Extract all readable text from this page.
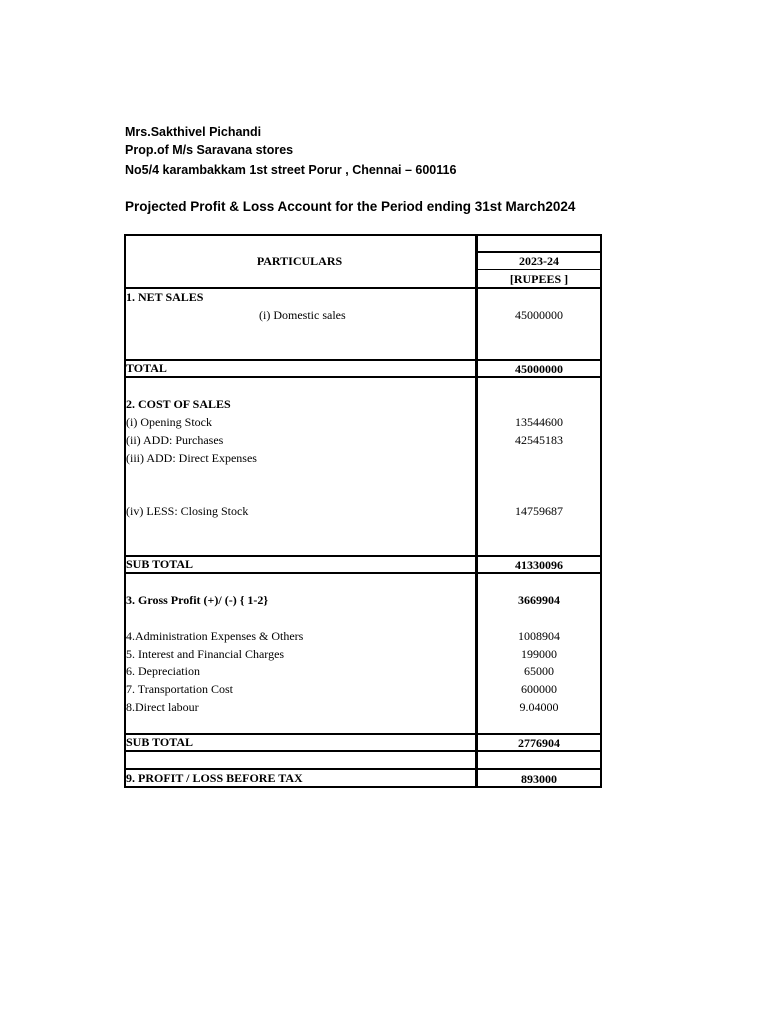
Mrs.Sakthivel Pichandi
Prop.of M/s Saravana stores
No5/4 karambakkam 1st street Porur , Chennai – 600116
Projected Profit & Loss Account for the Period ending 31st March2024
PARTICULARS	2023-24
[RUPEES ]
1. NET SALES
(i) Domestic sales	45000000
TOTAL	45000000
2. COST OF SALES
(i) Opening Stock	13544600
(ii) ADD: Purchases	42545183
(iii) ADD: Direct Expenses
(iv) LESS: Closing Stock	14759687
SUB TOTAL	41330096
3. Gross Profit (+)/ (-) { 1-2}	3669904
4.Administration Expenses & Others	1008904
5. Interest and Financial Charges	199000
6. Depreciation	65000
7. Transportation Cost	600000
8.Direct labour	9.04000
SUB TOTAL	2776904
9. PROFIT / LOSS BEFORE TAX	893000
